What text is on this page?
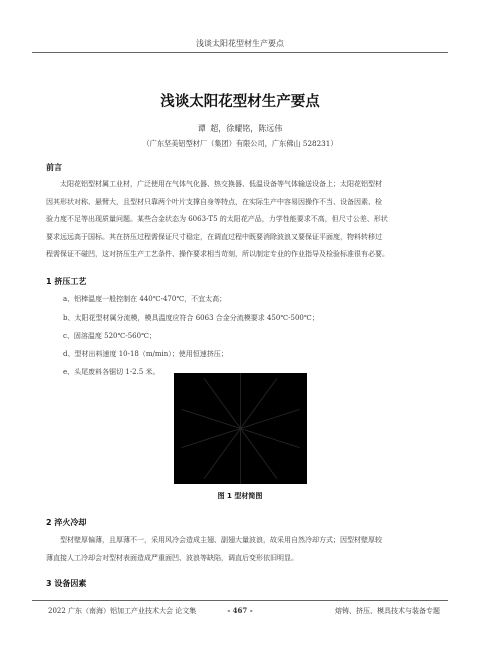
浅谈太阳花型材生产要点
浅谈太阳花型材生产要点
谭 超，徐耀铭，陈远伟
（广东坚美铝型材厂（集团）有限公司，广东佛山 528231）
前言
太阳花铝型材属工业材，广泛使用在气体气化器、热交换器、低温设备等气体输送设备上；太阳花铝型材
因其形状对称、悬臂大，且型材只靠两个叶片支撑自身等特点，在实际生产中容易因操作不当、设备因素、检
验力度不足等出现质量问题。某些合金状态为 6063-T5 的太阳花产品，力学性能要求不高，但尺寸公差、形状
要求远远高于国标。其在挤压过程需保证尺寸稳定，在调直过程中既要消除波浪又要保证平面度，物料转移过
程需保证不碰凹，这对挤压生产工艺条件、操作要求相当苛刻，所以制定专业的作业指导及检验标准很有必要。
1 挤压工艺
a、铝棒温度一般控制在 440℃-470℃，不宜太高；
b、太阳花型材属分流模，模具温度应符合 6063 合金分流模要求 450℃-500℃；
c、固溶温度 520℃-560℃；
d、型材出料速度 10-18（m/min）；使用恒速挤压；
e、头尾废料各锯切 1-2.5 米。
图 1 型材简图
2 淬火冷却
型材壁厚偏薄，且厚薄不一，采用风冷会造成主翅、副翅大量波浪，故采用自然冷却方式；因型材壁厚较
薄直接人工冷却会对型材表面造成严重面凹、波浪等缺陷，调直后变形依旧明显。
3 设备因素
2022 广东（南海）铝加工产业技术大会 论文集	- 467 -	熔铸、挤压、模具技术与装备专题
